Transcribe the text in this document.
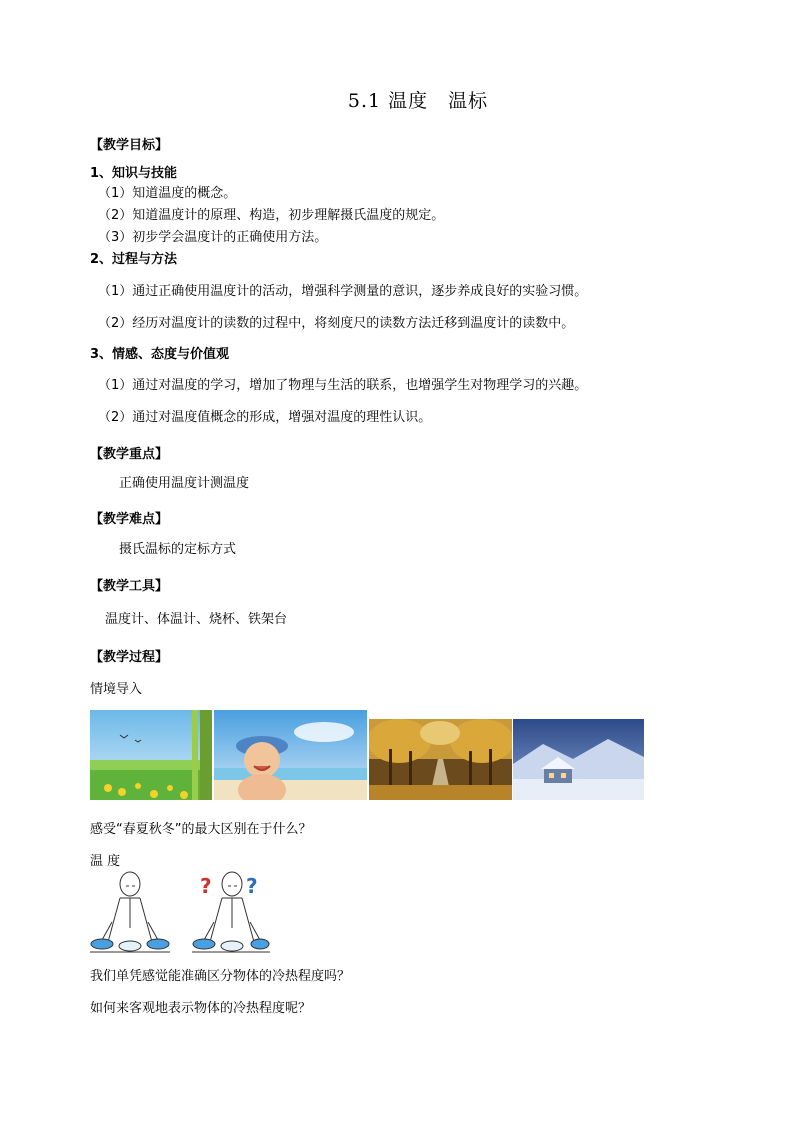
5.1 温度　温标
【教学目标】
1、知识与技能
（1）知道温度的概念。
（2）知道温度计的原理、构造，初步理解摄氏温度的规定。
（3）初步学会温度计的正确使用方法。
2、过程与方法
（1）通过正确使用温度计的活动，增强科学测量的意识，逐步养成良好的实验习惯。
（2）经历对温度计的读数的过程中，将刻度尺的读数方法迁移到温度计的读数中。
3、情感、态度与价值观
（1）通过对温度的学习，增加了物理与生活的联系，也增强学生对物理学习的兴趣。
（2）通过对温度值概念的形成，增强对温度的理性认识。
【教学重点】
正确使用温度计测温度
【教学难点】
摄氏温标的定标方式
【教学工具】
温度计、体温计、烧杯、铁架台
【教学过程】
情境导入
感受“春夏秋冬”的最大区别在于什么？
温 度
? ?
我们单凭感觉能准确区分物体的冷热程度吗？
如何来客观地表示物体的冷热程度呢？
